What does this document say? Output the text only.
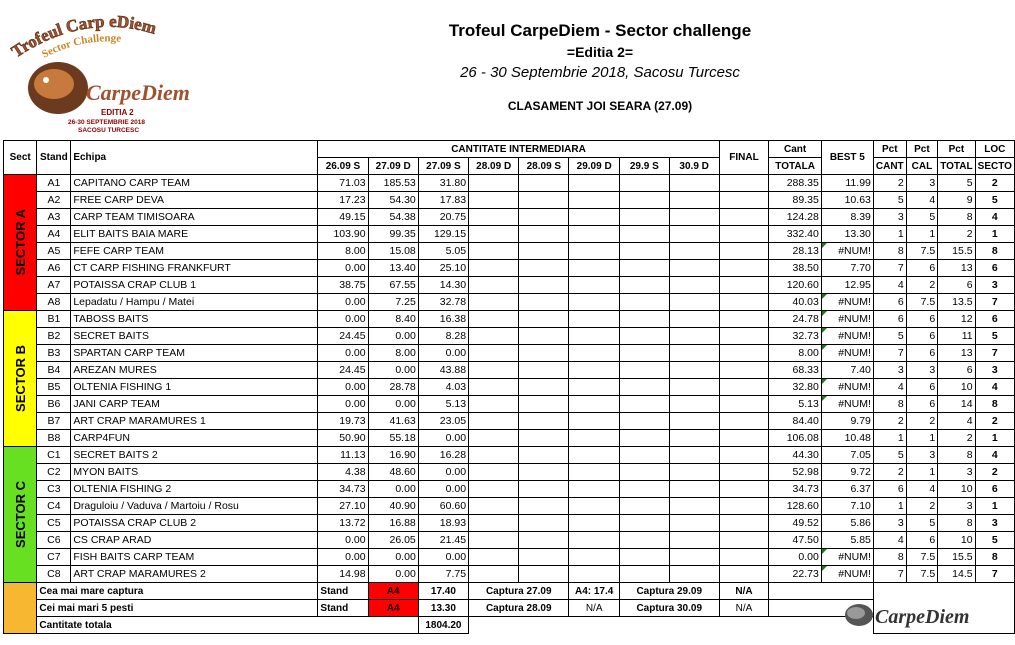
Trofeul Carp eDiem
Sector Challenge
CarpeDiem
EDITIA 2
26-30 SEPTEMBRIE 2018
SACOSU TURCESC
Trofeul CarpeDiem - Sector challenge
=Editia 2=
26 - 30 Septembrie 2018, Sacosu Turcesc
CLASAMENT JOI SEARA (27.09)
Sect	Stand	Echipa	CANTITATE INTERMEDIARA								FINAL	Cant	BEST 5	Pct	Pct	Pct	LOC
			26.09 S	27.09 D	27.09 S	28.09 D	28.09 S	29.09 D	29.9 S	30.9 D		TOTALA		CANT	CAL	TOTAL	SECTO

SECTOR A	A1	CAPITANO CARP TEAM	71.03	185.53	31.80							288.35	11.99	2	3	5	2
	A2	FREE CARP DEVA	17.23	54.30	17.83							89.35	10.63	5	4	9	5
	A3	CARP TEAM TIMISOARA	49.15	54.38	20.75							124.28	8.39	3	5	8	4
	A4	ELIT BAITS BAIA MARE	103.90	99.35	129.15							332.40	13.30	1	1	2	1
	A5	FEFE CARP TEAM	8.00	15.08	5.05							28.13	#NUM!	8	7.5	15.5	8
	A6	CT CARP FISHING FRANKFURT	0.00	13.40	25.10							38.50	7.70	7	6	13	6
	A7	POTAISSA CRAP CLUB 1	38.75	67.55	14.30							120.60	12.95	4	2	6	3
	A8	Lepadatu / Hampu / Matei	0.00	7.25	32.78							40.03	#NUM!	6	7.5	13.5	7

SECTOR B	B1	TABOSS BAITS	0.00	8.40	16.38							24.78	#NUM!	6	6	12	6
	B2	SECRET BAITS	24.45	0.00	8.28							32.73	#NUM!	5	6	11	5
	B3	SPARTAN CARP TEAM	0.00	8.00	0.00							8.00	#NUM!	7	6	13	7
	B4	AREZAN MURES	24.45	0.00	43.88							68.33	7.40	3	3	6	3
	B5	OLTENIA FISHING 1	0.00	28.78	4.03							32.80	#NUM!	4	6	10	4
	B6	JANI CARP TEAM	0.00	0.00	5.13							5.13	#NUM!	8	6	14	8
	B7	ART CRAP MARAMURES 1	19.73	41.63	23.05							84.40	9.79	2	2	4	2
	B8	CARP4FUN	50.90	55.18	0.00							106.08	10.48	1	1	2	1

SECTOR C	C1	SECRET BAITS 2	11.13	16.90	16.28							44.30	7.05	5	3	8	4
	C2	MYON BAITS	4.38	48.60	0.00							52.98	9.72	2	1	3	2
	C3	OLTENIA FISHING 2	34.73	0.00	0.00							34.73	6.37	6	4	10	6
	C4	Draguloiu / Vaduva / Martoiu / Rosu	27.10	40.90	60.60							128.60	7.10	1	2	3	1
	C5	POTAISSA CRAP CLUB 2	13.72	16.88	18.93							49.52	5.86	3	5	8	3
	C6	CS CRAP ARAD	0.00	26.05	21.45							47.50	5.85	4	6	10	5
	C7	FISH BAITS CARP TEAM	0.00	0.00	0.00							0.00	#NUM!	8	7.5	15.5	8
	C8	ART CRAP MARAMURES 2	14.98	0.00	7.75							22.73	#NUM!	7	7.5	14.5	7
	Cea mai mare captura		Stand	A4	17.40	Captura 27.09		A4: 17.4	Captura 29.09		N/A						
	Cei mai mari 5 pesti		Stand	A4	13.30	Captura 28.09		N/A	Captura 30.09		N/A						
	Cantitate totala				1804.20													CarpeDiem
